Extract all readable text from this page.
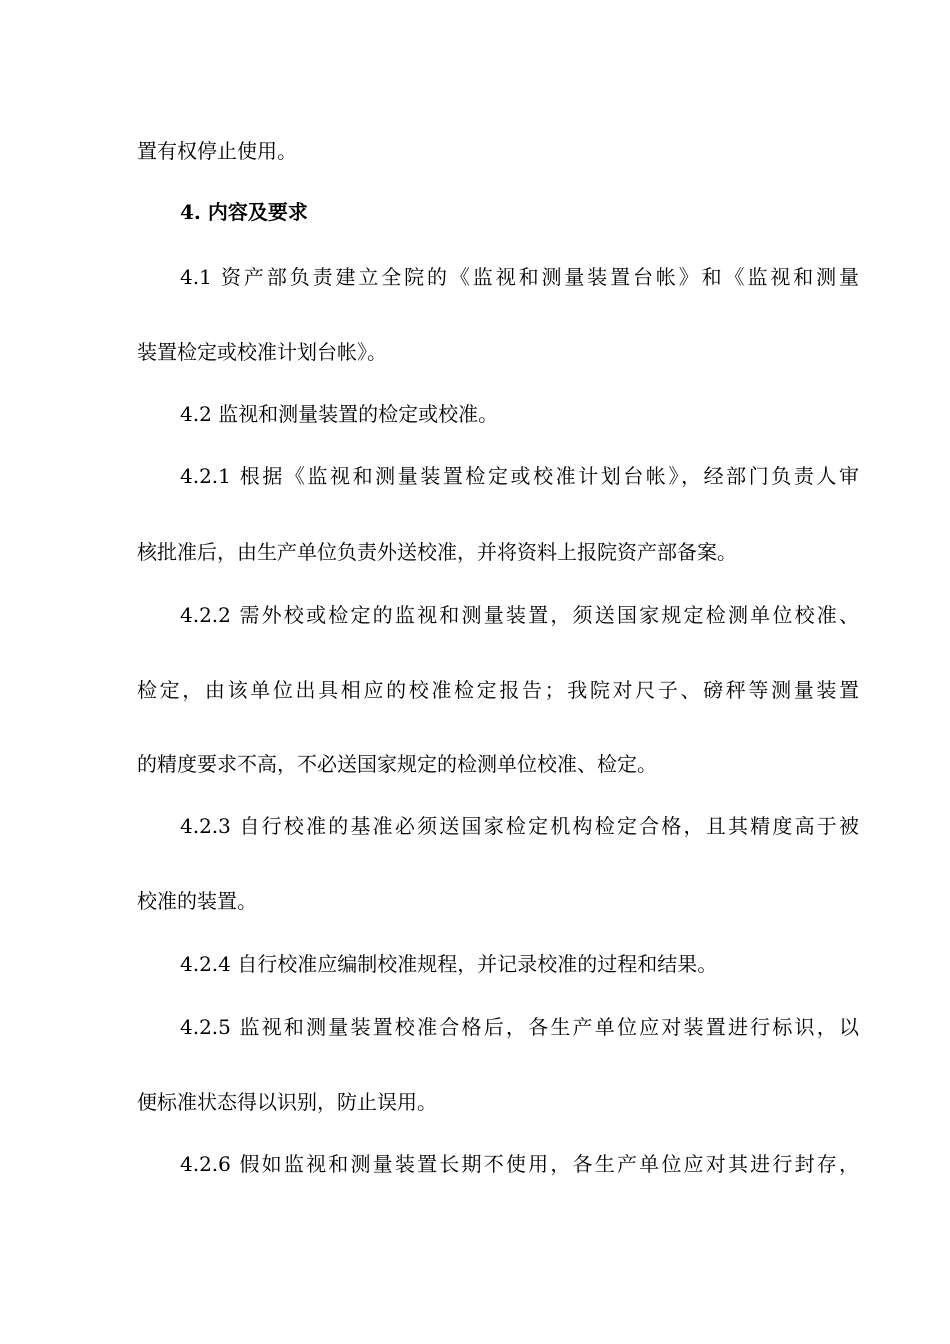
置有权停止使用。
4. 内容及要求
4.1 资产部负责建立全院的《监视和测量装置台帐》和《监视和测量
装置检定或校准计划台帐》。
4.2 监视和测量装置的检定或校准。
4.2.1 根据《监视和测量装置检定或校准计划台帐》，经部门负责人审
核批准后，由生产单位负责外送校准，并将资料上报院资产部备案。
4.2.2 需外校或检定的监视和测量装置，须送国家规定检测单位校准、
检定，由该单位出具相应的校准检定报告；我院对尺子、磅秤等测量装置
的精度要求不高，不必送国家规定的检测单位校准、检定。
4.2.3 自行校准的基准必须送国家检定机构检定合格，且其精度高于被
校准的装置。
4.2.4 自行校准应编制校准规程，并记录校准的过程和结果。
4.2.5 监视和测量装置校准合格后，各生产单位应对装置进行标识，以
便标准状态得以识别，防止误用。
4.2.6 假如监视和测量装置长期不使用，各生产单位应对其进行封存，
